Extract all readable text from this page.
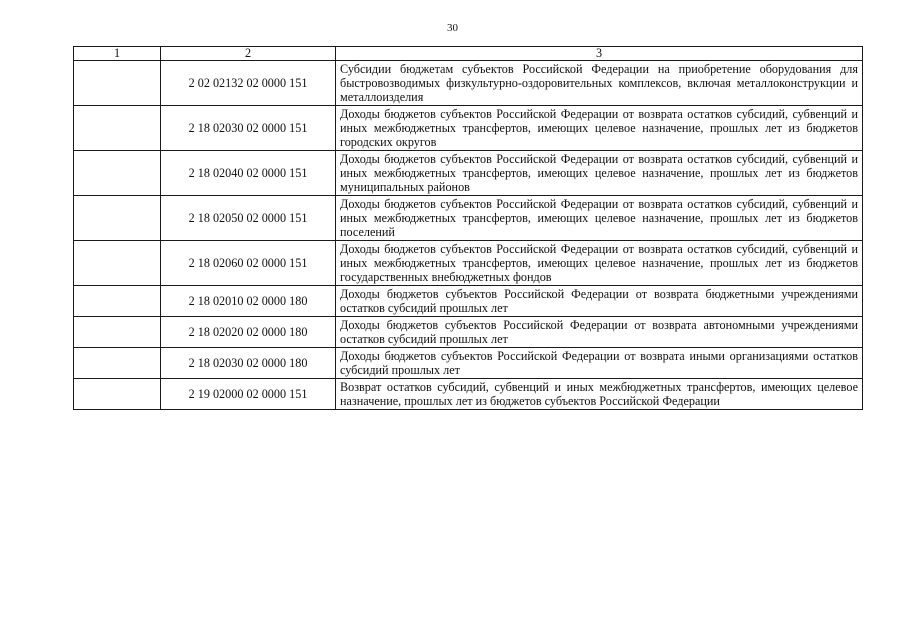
30
1	2	3
	2 02 02132 02 0000 151	Субсидии бюджетам субъектов Российской Федерации на приобретение оборудования для быстровозводимых физкультурно-оздоровительных комплексов, включая металлоконструкции и металлоизделия
	2 18 02030 02 0000 151	Доходы бюджетов субъектов Российской Федерации от возврата остатков субсидий, субвенций и иных межбюджетных трансфертов, имеющих целевое назначение, прошлых лет из бюджетов городских округов
	2 18 02040 02 0000 151	Доходы бюджетов субъектов Российской Федерации от возврата остатков субсидий, субвенций и иных межбюджетных трансфертов, имеющих целевое назначение, прошлых лет из бюджетов муниципальных районов
	2 18 02050 02 0000 151	Доходы бюджетов субъектов Российской Федерации от возврата остатков субсидий, субвенций и иных межбюджетных трансфертов, имеющих целевое назначение, прошлых лет из бюджетов поселений
	2 18 02060 02 0000 151	Доходы бюджетов субъектов Российской Федерации от возврата остатков субсидий, субвенций и иных межбюджетных трансфертов, имеющих целевое назначение, прошлых лет из бюджетов государственных внебюджетных фондов
	2 18 02010 02 0000 180	Доходы бюджетов субъектов Российской Федерации от возврата бюджетными учреждениями остатков субсидий прошлых лет
	2 18 02020 02 0000 180	Доходы бюджетов субъектов Российской Федерации от возврата автономными учреждениями остатков субсидий прошлых лет
	2 18 02030 02 0000 180	Доходы бюджетов субъектов Российской Федерации от возврата иными организациями остатков субсидий прошлых лет
	2 19 02000 02 0000 151	Возврат остатков субсидий, субвенций и иных межбюджетных трансфертов, имеющих целевое назначение, прошлых лет из бюджетов субъектов Российской Федерации
